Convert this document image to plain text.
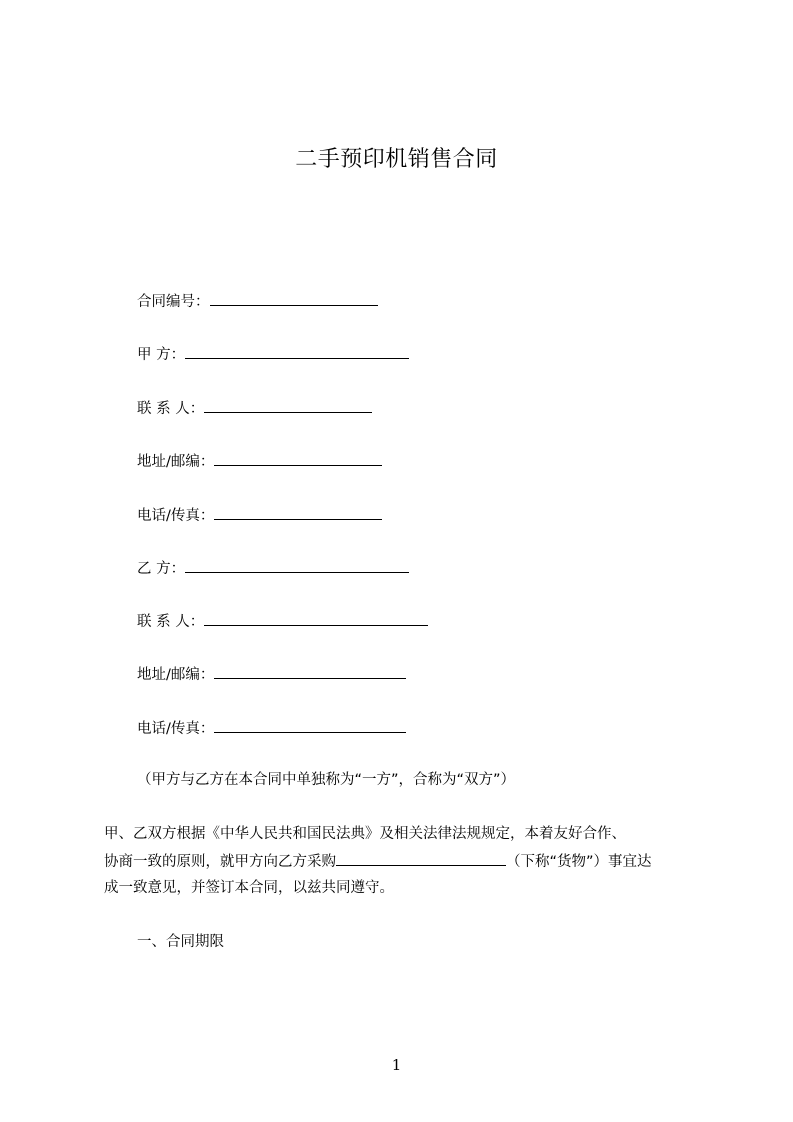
二手预印机销售合同
合同编号：
甲 方：
联 系 人：
地址/邮编：
电话/传真：
乙 方：
联 系 人：
地址/邮编：
电话/传真：
（甲方与乙方在本合同中单独称为“一方”，合称为“双方”）
甲、乙双方根据《中华人民共和国民法典》及相关法律法规规定，本着友好合作、
协商一致的原则，就甲方向乙方采购	（下称“货物”）事宜达
成一致意见，并签订本合同，以兹共同遵守。
一、合同期限
1
